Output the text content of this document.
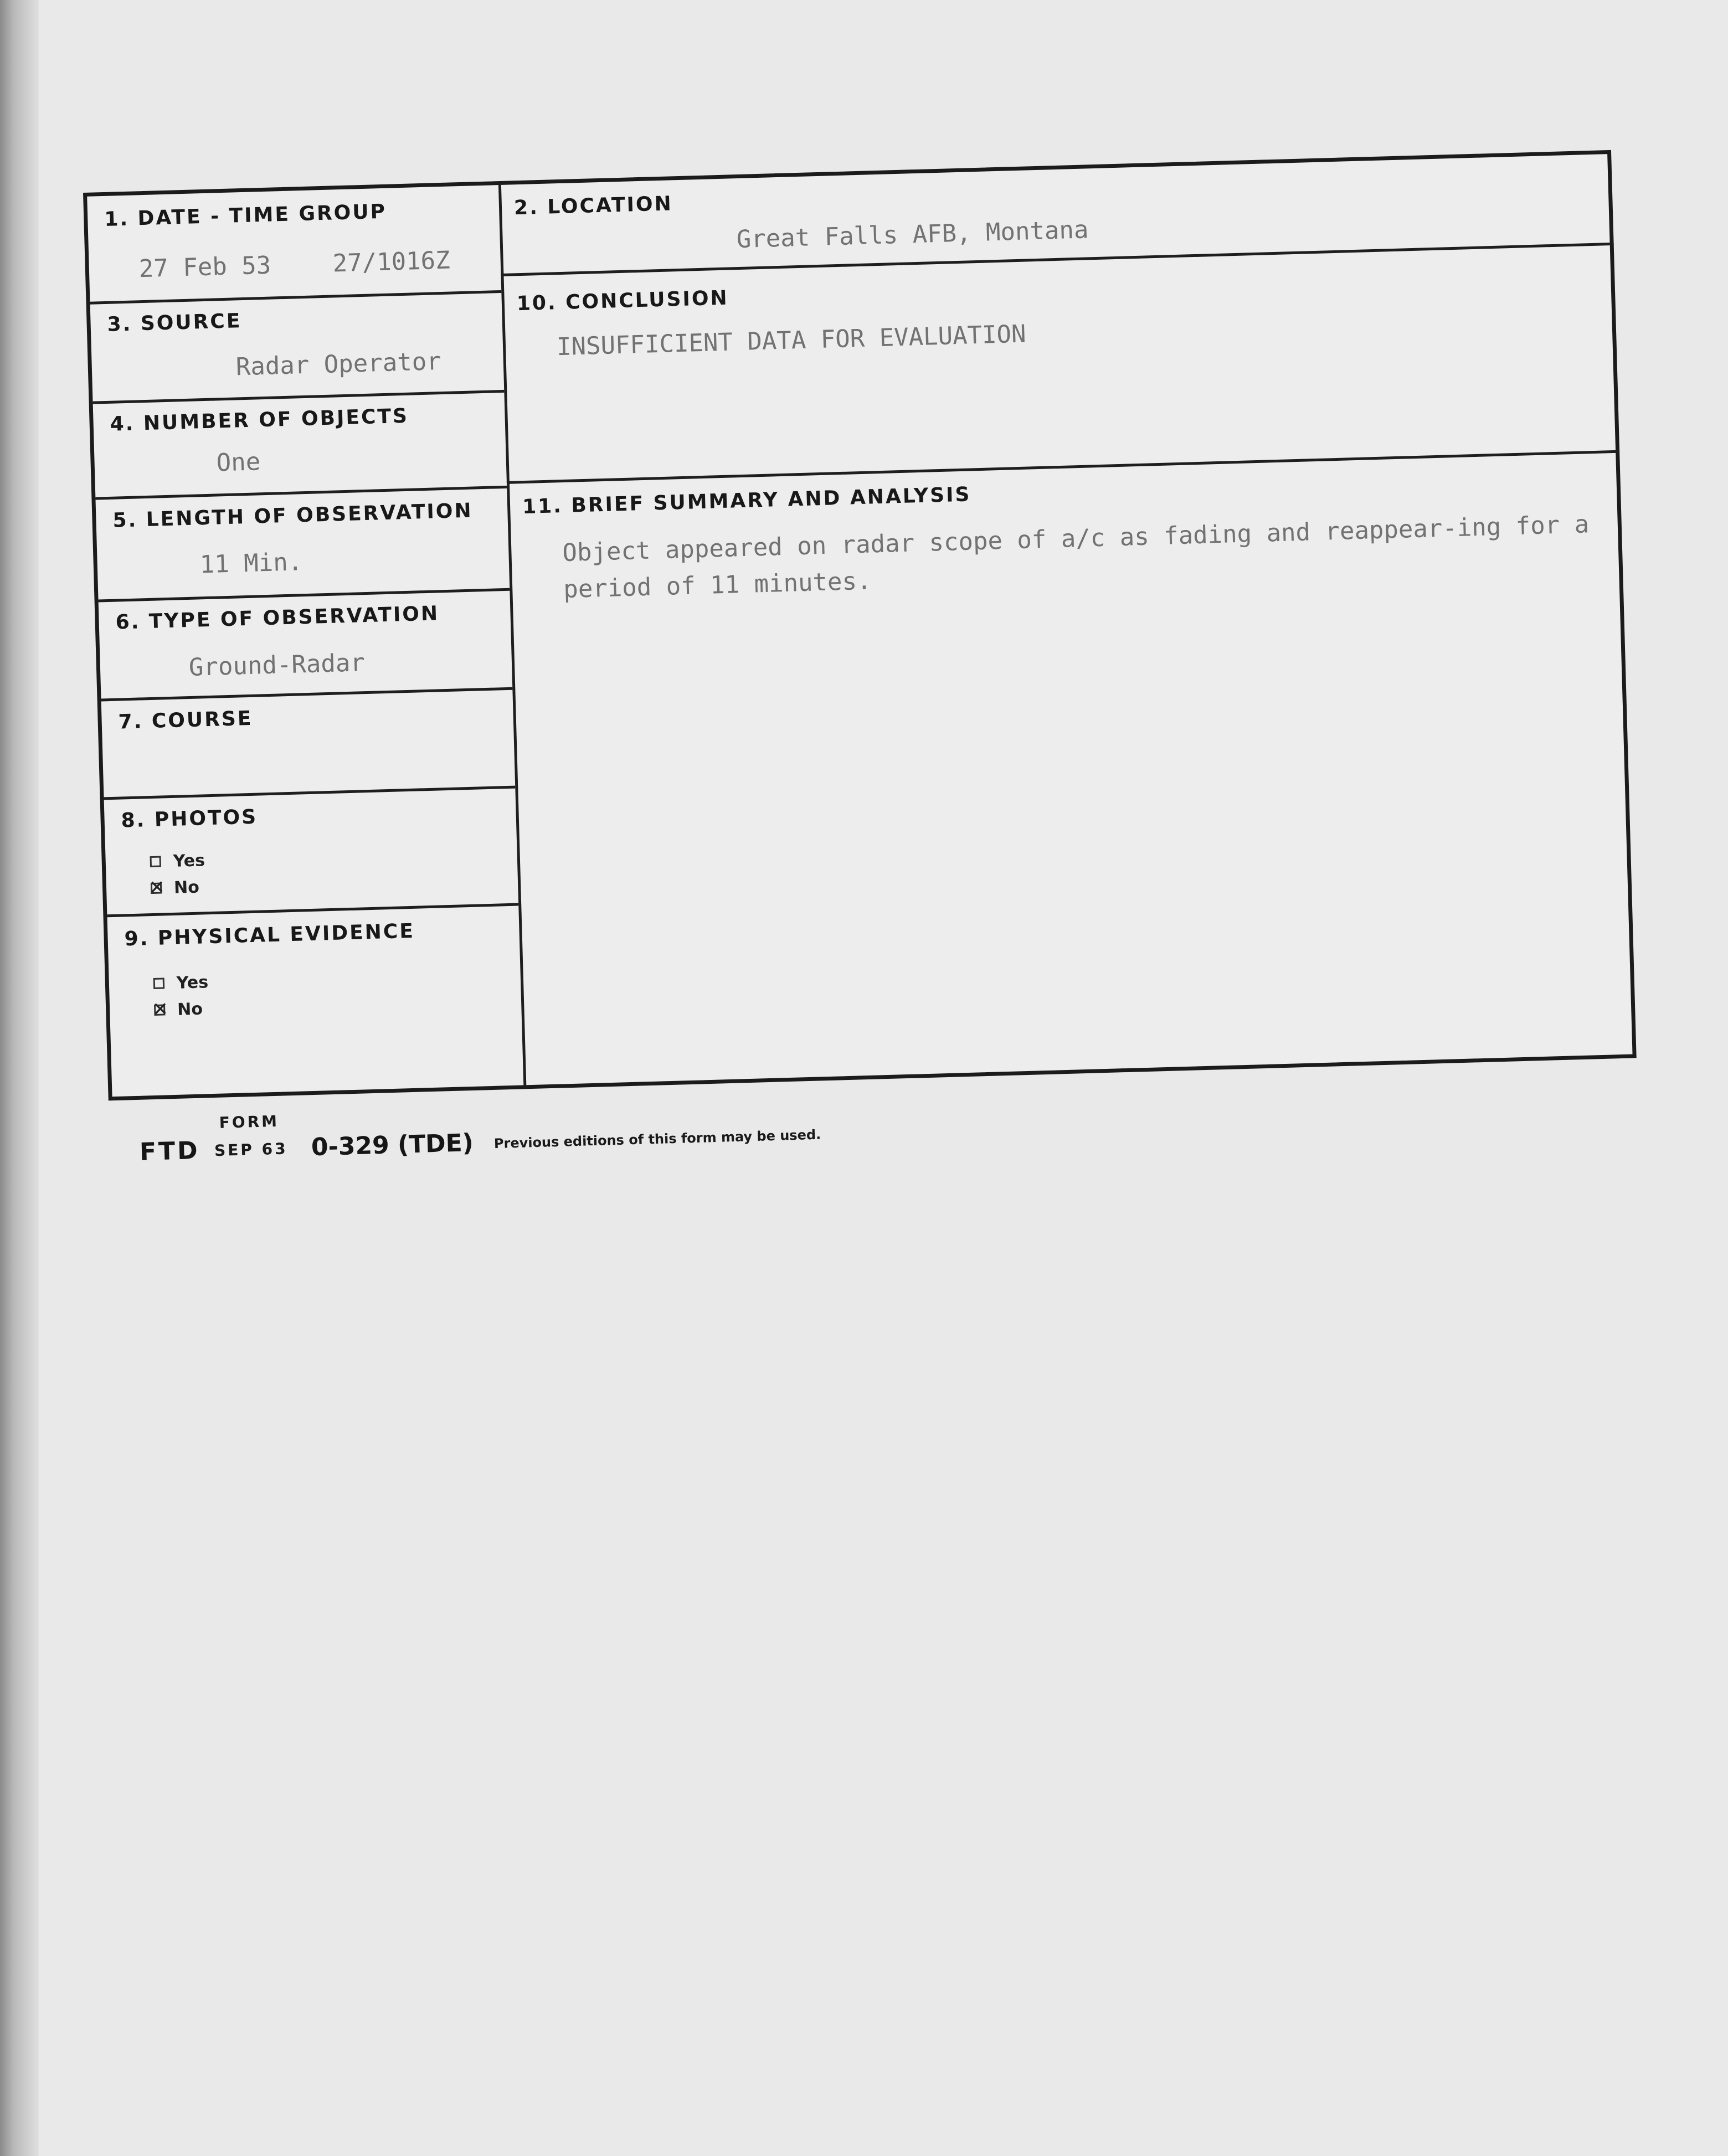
1. DATE - TIME GROUP
27 Feb 53	27/1016Z
2. LOCATION
Great Falls AFB, Montana
3. SOURCE
Radar Operator
4. NUMBER OF OBJECTS
One
5. LENGTH OF OBSERVATION
11 Min.
6. TYPE OF OBSERVATION
Ground-Radar
7. COURSE
8. PHOTOS
Yes
✕
No
9. PHYSICAL EVIDENCE
Yes
✕
No
10. CONCLUSION
INSUFFICIENT DATA FOR EVALUATION
11. BRIEF SUMMARY AND ANALYSIS
Object appeared on radar scope of a/c as fading and reappear-ing for a period of 11 minutes.
FTD
FORM
SEP 63 0-329 (TDE) Previous editions of this form may be used.
